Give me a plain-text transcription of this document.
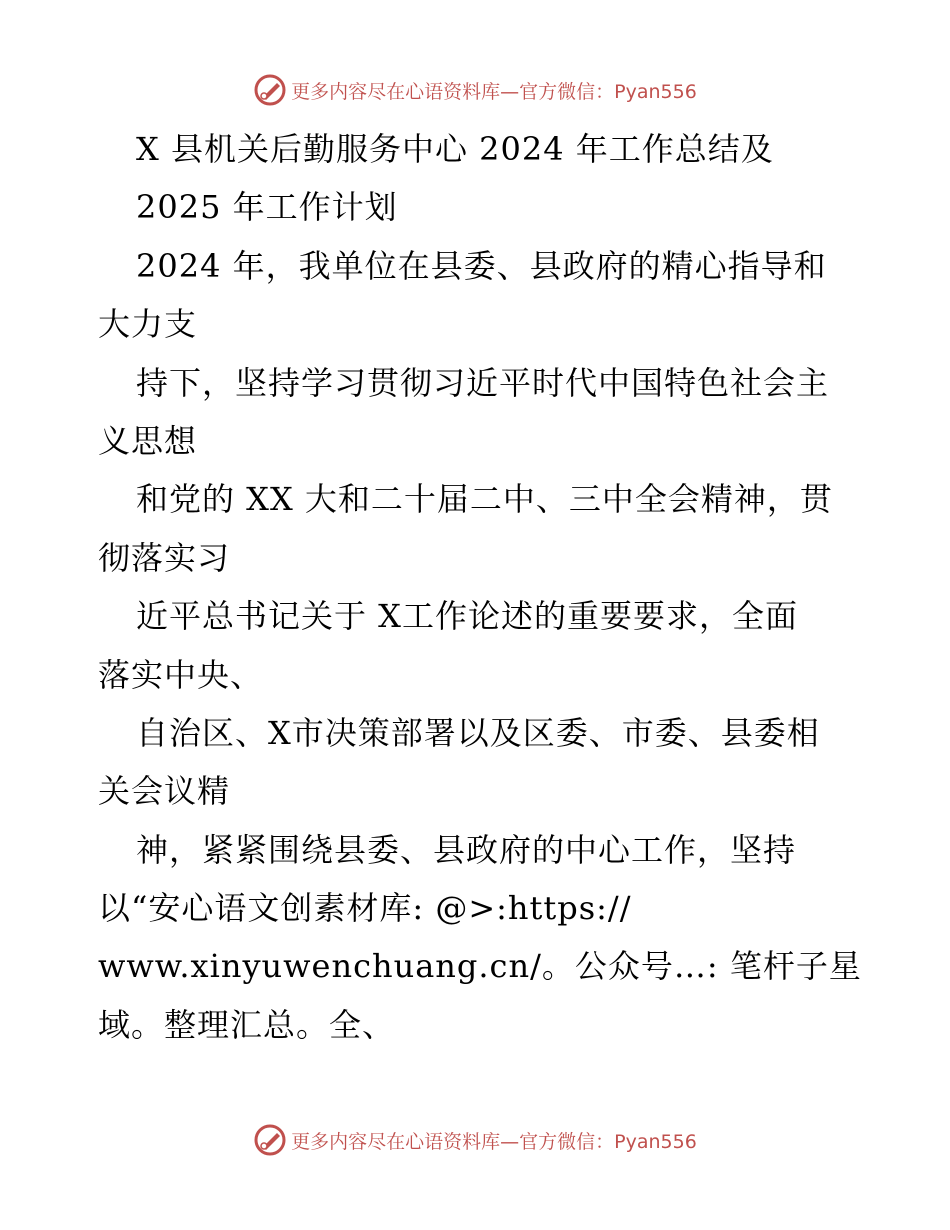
更多内容尽在心语资料库—官方微信：Pyan556
X 县机关后勤服务中心 2024 年工作总结及
2025 年工作计划
2024 年，我单位在县委、县政府的精心指导和
大力支
持下，坚持学习贯彻习近平时代中国特色社会主
义思想
和党的 XX 大和二十届二中、三中全会精神，贯
彻落实习
近平总书记关于 X工作论述的重要要求，全面
落实中央、
自治区、X市决策部署以及区委、市委、县委相
关会议精
神，紧紧围绕县委、县政府的中心工作，坚持
以“安心语文创素材库: @>:https://
www.xinyuwenchuang.cn/。公众号…: 笔杆子星
域。整理汇总。全、
更多内容尽在心语资料库—官方微信：Pyan556
